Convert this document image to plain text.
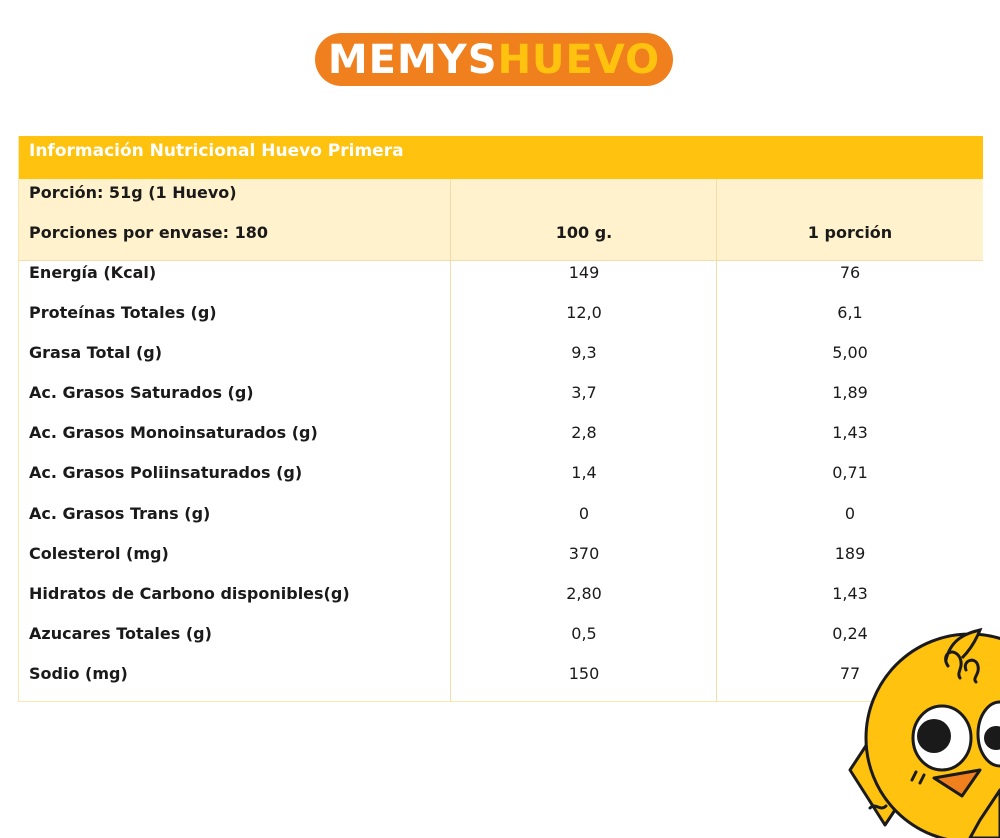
MEMYS HUEVO
Información Nutricional Huevo Primera
Porción: 51g (1 Huevo)
Porciones por envase: 180	100 g.	1 porción
Energía (Kcal)	149	76
Proteínas Totales (g)	12,0	6,1
Grasa Total (g)	9,3	5,00
Ac. Grasos Saturados (g)	3,7	1,89
Ac. Grasos Monoinsaturados (g)	2,8	1,43
Ac. Grasos Poliinsaturados (g)	1,4	0,71
Ac. Grasos Trans (g)	0	0
Colesterol (mg)	370	189
Hidratos de Carbono disponibles(g)	2,80	1,43
Azucares Totales (g)	0,5	0,24
Sodio (mg)	150	77
